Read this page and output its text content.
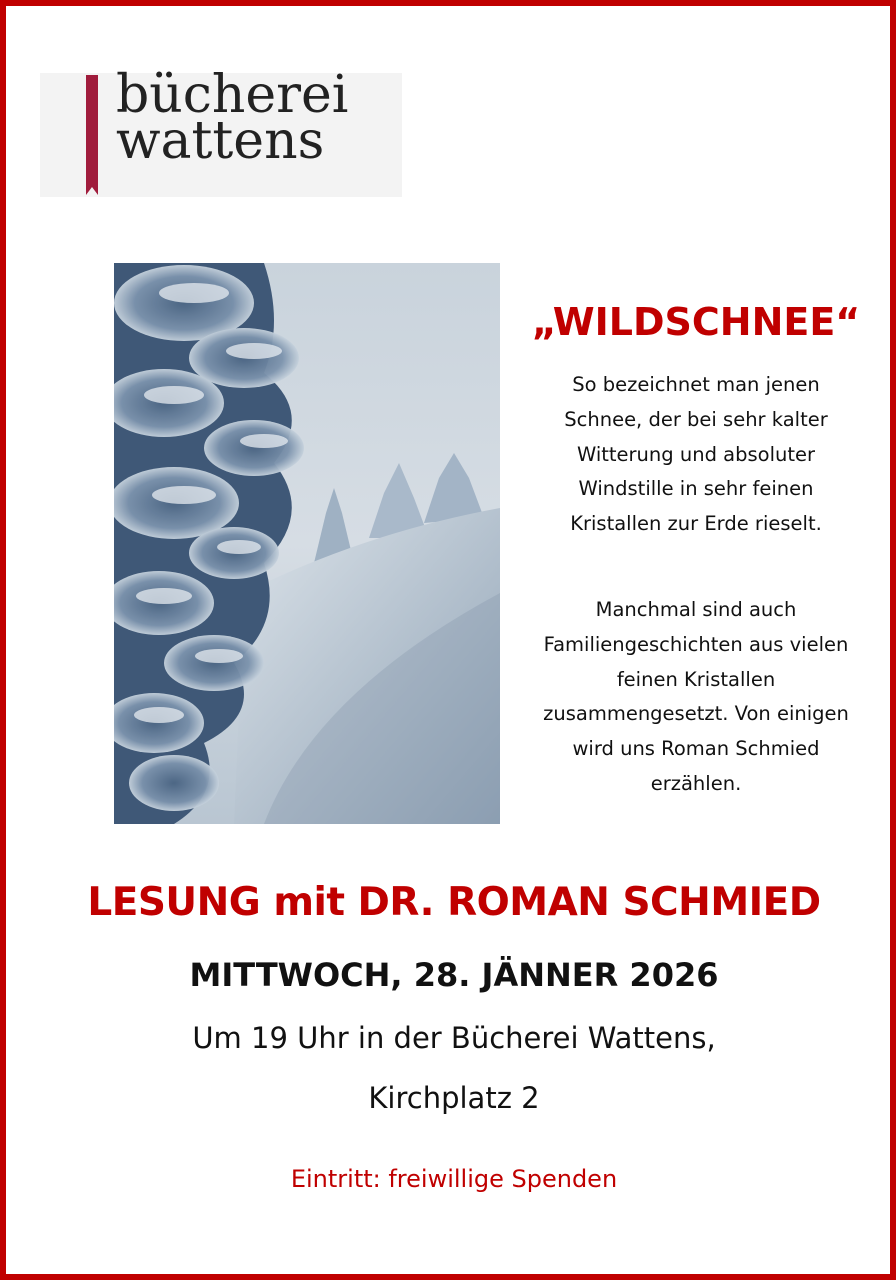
bücherei
wattens
„WILDSCHNEE“
So bezeichnet man jenen
Schnee, der bei sehr kalter
Witterung und absoluter
Windstille in sehr feinen
Kristallen zur Erde rieselt.
Manchmal sind auch
Familiengeschichten aus vielen
feinen Kristallen
zusammengesetzt. Von einigen
wird uns Roman Schmied
erzählen.
LESUNG mit DR. ROMAN SCHMIED
MITTWOCH, 28. JÄNNER 2026
Um 19 Uhr in der Bücherei Wattens,
Kirchplatz 2
Eintritt: freiwillige Spenden
